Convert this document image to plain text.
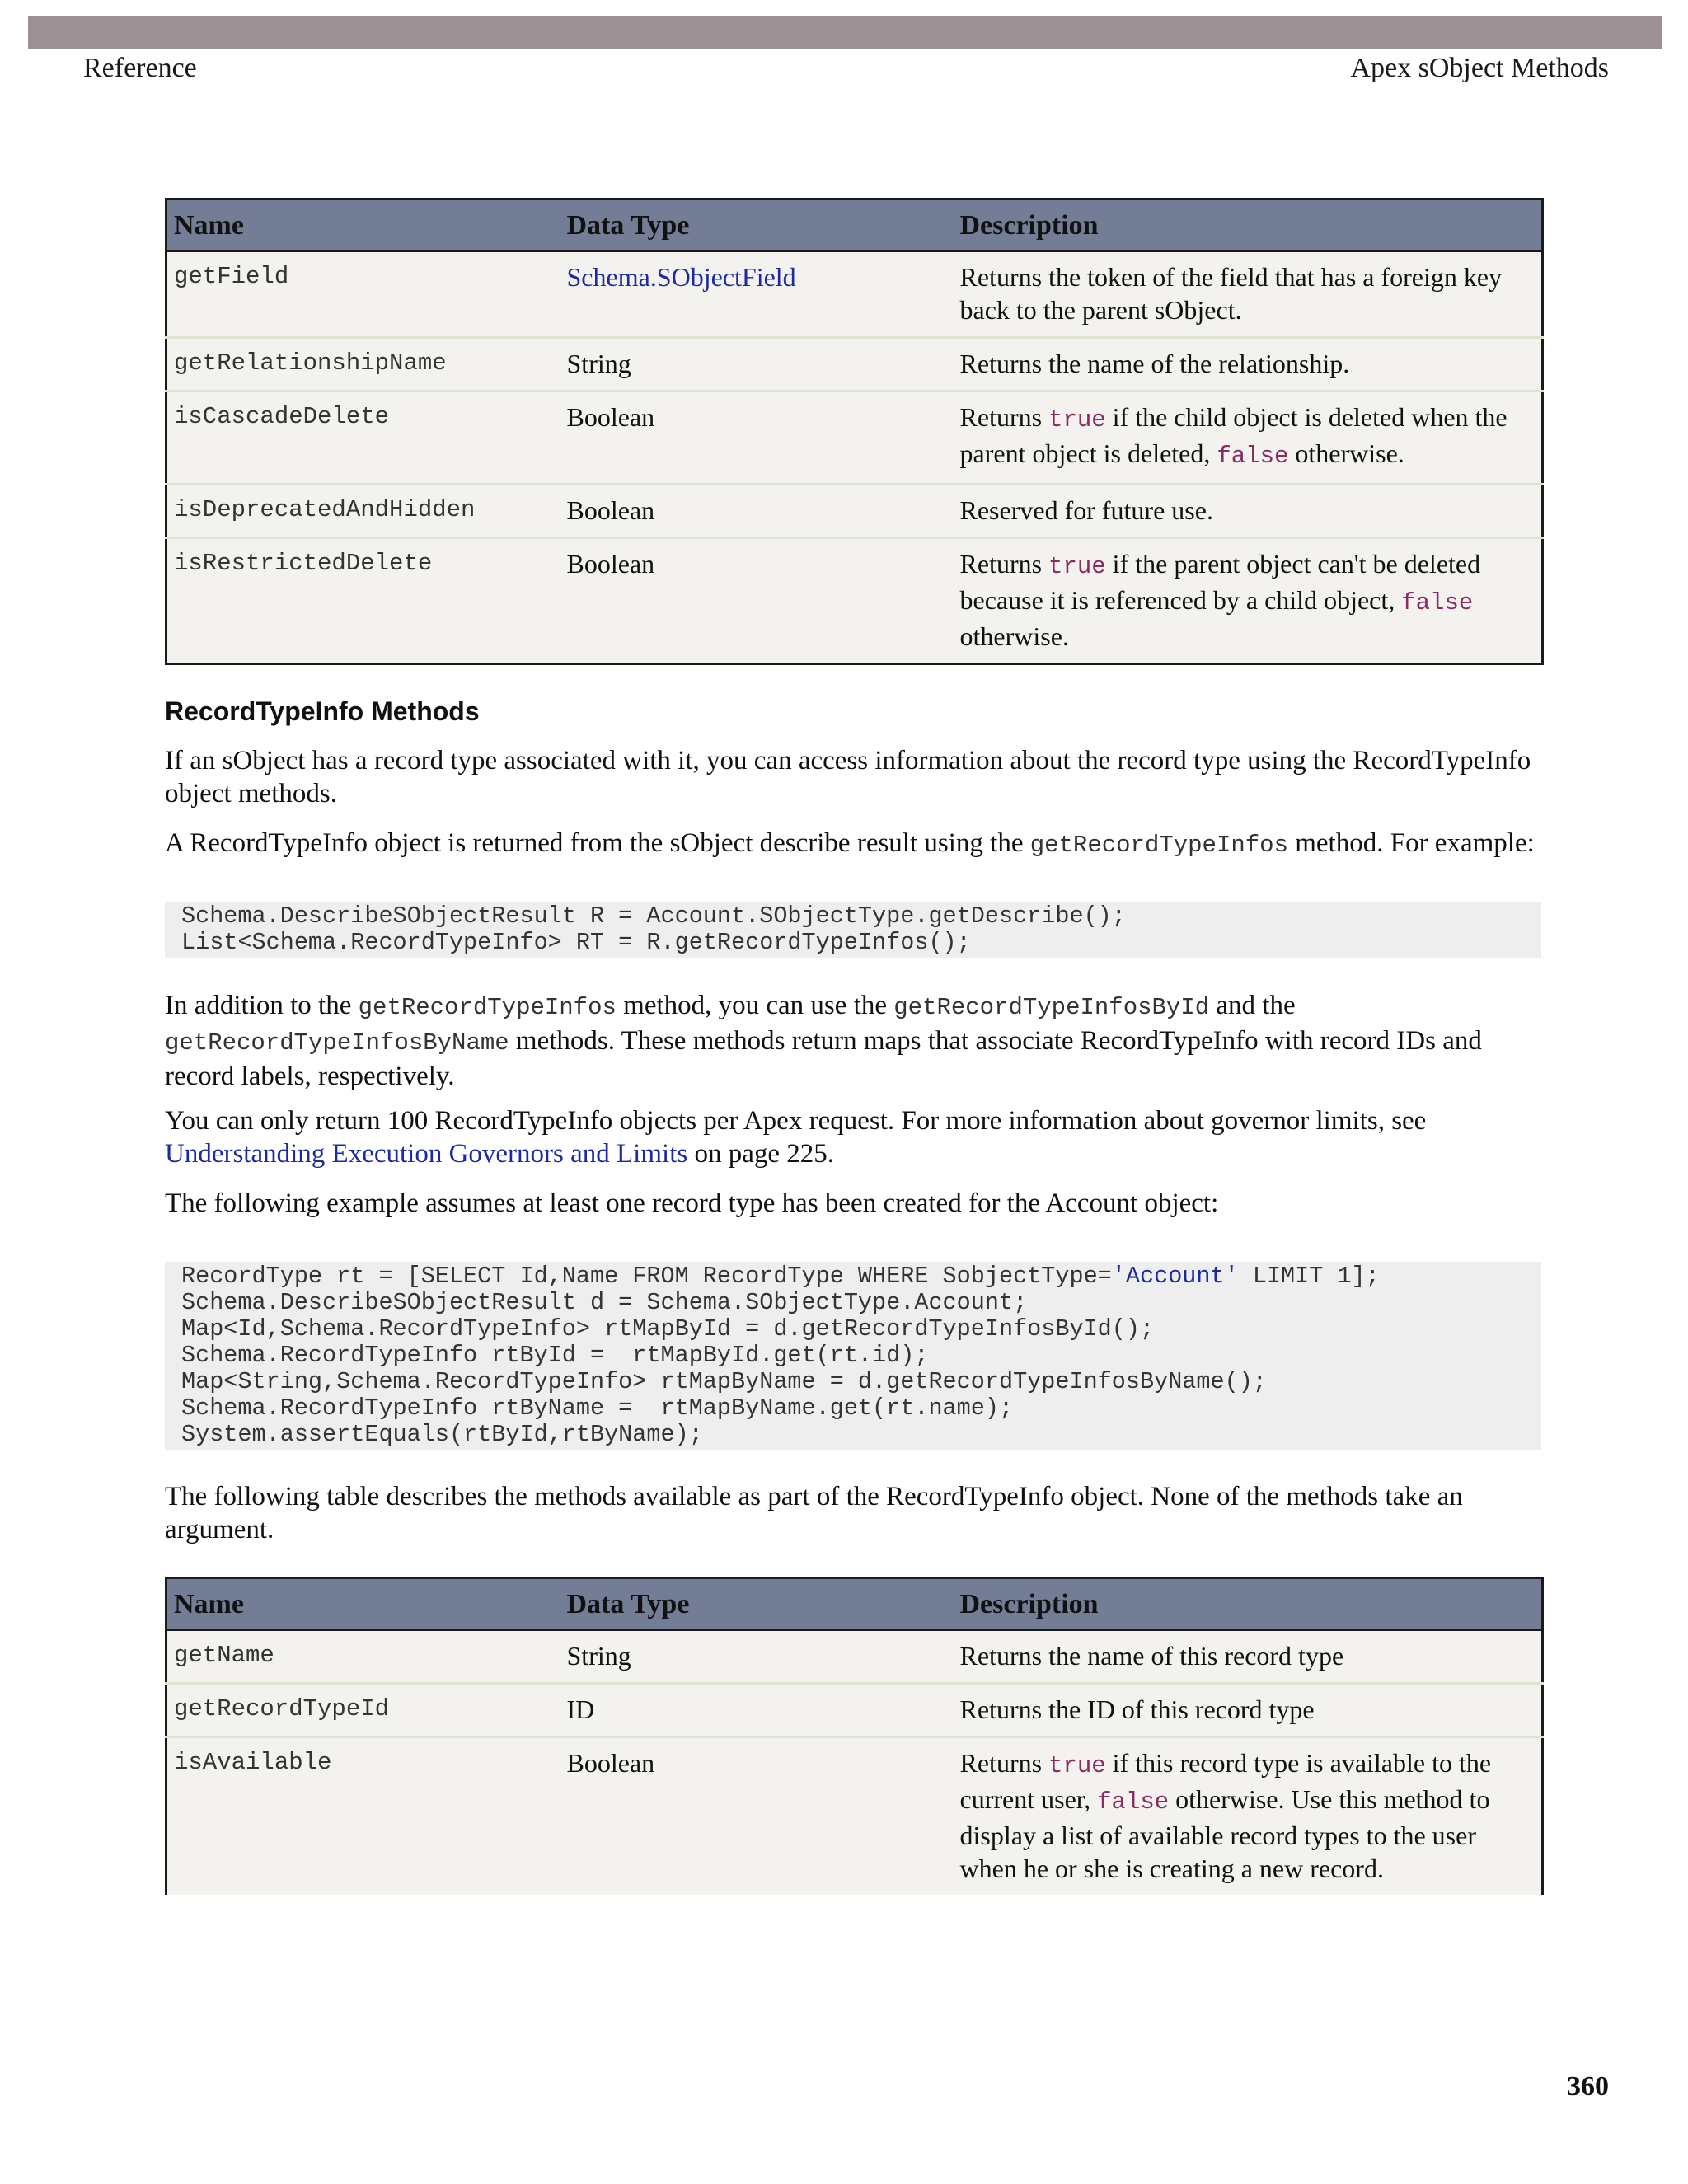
Reference	Apex sObject Methods
Name	Data Type	Description
getField	Schema.SObjectField	Returns the token of the field that has a foreign key back to the parent sObject.
getRelationshipName	String	Returns the name of the relationship.
isCascadeDelete	Boolean	Returns true if the child object is deleted when the parent object is deleted, false otherwise.
isDeprecatedAndHidden	Boolean	Reserved for future use.
isRestrictedDelete	Boolean	Returns true if the parent object can't be deleted because it is referenced by a child object, false otherwise.
RecordTypeInfo Methods

If an sObject has a record type associated with it, you can access information about the record type using the RecordTypeInfo object methods.

A RecordTypeInfo object is returned from the sObject describe result using the getRecordTypeInfos method. For example:

Schema.DescribeSObjectResult R = Account.SObjectType.getDescribe();
List<Schema.RecordTypeInfo> RT = R.getRecordTypeInfos();

In addition to the getRecordTypeInfos method, you can use the getRecordTypeInfosById and the
getRecordTypeInfosByName methods. These methods return maps that associate RecordTypeInfo with record IDs and record labels, respectively.

You can only return 100 RecordTypeInfo objects per Apex request. For more information about governor limits, see Understanding Execution Governors and Limits on page 225.

The following example assumes at least one record type has been created for the Account object:

RecordType rt = [SELECT Id,Name FROM RecordType WHERE SobjectType='Account' LIMIT 1];
Schema.DescribeSObjectResult d = Schema.SObjectType.Account;
Map<Id,Schema.RecordTypeInfo> rtMapById = d.getRecordTypeInfosById();
Schema.RecordTypeInfo rtById =  rtMapById.get(rt.id);
Map<String,Schema.RecordTypeInfo> rtMapByName = d.getRecordTypeInfosByName();
Schema.RecordTypeInfo rtByName =  rtMapByName.get(rt.name);
System.assertEquals(rtById,rtByName);

The following table describes the methods available as part of the RecordTypeInfo object. None of the methods take an argument.

Name	Data Type	Description
getName	String	Returns the name of this record type
getRecordTypeId	ID	Returns the ID of this record type
isAvailable	Boolean	Returns true if this record type is available to the current user, false otherwise. Use this method to display a list of available record types to the user when he or she is creating a new record.
360
